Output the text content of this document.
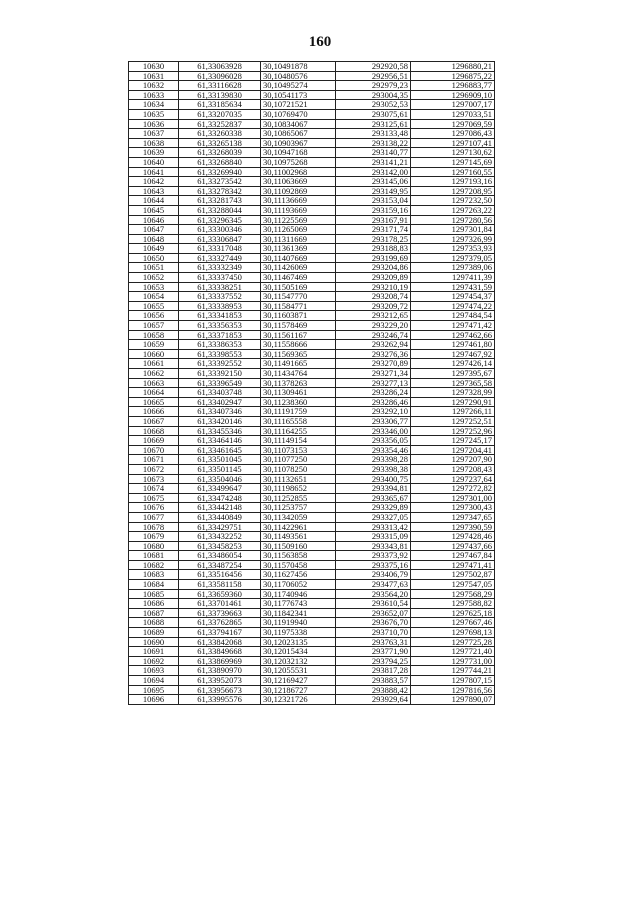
160
10630	61,33063928	30,10491878	292920,58	1296880,21
10631	61,33096028	30,10480576	292956,51	1296875,22
10632	61,33116628	30,10495274	292979,23	1296883,77
10633	61,33139830	30,10541173	293004,35	1296909,10
10634	61,33185634	30,10721521	293052,53	1297007,17
10635	61,33207035	30,10769470	293075,61	1297033,51
10636	61,33252837	30,10834067	293125,61	1297069,59
10637	61,33260338	30,10865067	293133,48	1297086,43
10638	61,33265138	30,10903967	293138,22	1297107,41
10639	61,33268039	30,10947168	293140,77	1297130,62
10640	61,33268840	30,10975268	293141,21	1297145,69
10641	61,33269940	30,11002968	293142,00	1297160,55
10642	61,33273542	30,11063669	293145,06	1297193,16
10643	61,33278342	30,11092869	293149,95	1297208,95
10644	61,33281743	30,11136669	293153,04	1297232,50
10645	61,33288044	30,11193669	293159,16	1297263,22
10646	61,33296345	30,11225569	293167,91	1297280,56
10647	61,33300346	30,11265069	293171,74	1297301,84
10648	61,33306847	30,11311669	293178,25	1297326,99
10649	61,33317048	30,11361369	293188,83	1297353,93
10650	61,33327449	30,11407669	293199,69	1297379,05
10651	61,33332349	30,11426069	293204,86	1297389,06
10652	61,33337450	30,11467469	293209,89	1297411,39
10653	61,33338251	30,11505169	293210,19	1297431,59
10654	61,33337552	30,11547770	293208,74	1297454,37
10655	61,33338953	30,11584771	293209,72	1297474,22
10656	61,33341853	30,11603871	293212,65	1297484,54
10657	61,33356353	30,11578469	293229,20	1297471,42
10658	61,33371853	30,11561167	293246,74	1297462,66
10659	61,33386353	30,11558666	293262,94	1297461,80
10660	61,33398553	30,11569365	293276,36	1297467,92
10661	61,33392552	30,11491665	293270,89	1297426,14
10662	61,33392150	30,11434764	293271,34	1297395,67
10663	61,33396549	30,11378263	293277,13	1297365,58
10664	61,33403748	30,11309461	293286,24	1297328,99
10665	61,33402947	30,11238360	293286,46	1297290,91
10666	61,33407346	30,11191759	293292,10	1297266,11
10667	61,33420146	30,11165558	293306,77	1297252,51
10668	61,33455346	30,11164255	293346,00	1297252,96
10669	61,33464146	30,11149154	293356,05	1297245,17
10670	61,33461645	30,11073153	293354,46	1297204,41
10671	61,33501045	30,11077250	293398,28	1297207,90
10672	61,33501145	30,11078250	293398,38	1297208,43
10673	61,33504046	30,11132651	293400,75	1297237,64
10674	61,33499647	30,11198652	293394,81	1297272,82
10675	61,33474248	30,11252855	293365,67	1297301,00
10676	61,33442148	30,11253757	293329,89	1297300,43
10677	61,33440849	30,11342059	293327,05	1297347,65
10678	61,33429751	30,11422961	293313,42	1297390,59
10679	61,33432252	30,11493561	293315,09	1297428,46
10680	61,33458253	30,11509160	293343,81	1297437,66
10681	61,33486054	30,11563858	293373,92	1297467,84
10682	61,33487254	30,11570458	293375,16	1297471,41
10683	61,33516456	30,11627456	293406,79	1297502,87
10684	61,33581158	30,11706052	293477,63	1297547,05
10685	61,33659360	30,11740946	293564,20	1297568,29
10686	61,33701461	30,11776743	293610,54	1297588,82
10687	61,33739663	30,11842341	293652,07	1297625,18
10688	61,33762865	30,11919940	293676,70	1297667,46
10689	61,33794167	30,11975338	293710,70	1297698,13
10690	61,33842068	30,12023135	293763,31	1297725,28
10691	61,33849668	30,12015434	293771,90	1297721,40
10692	61,33869969	30,12032132	293794,25	1297731,00
10693	61,33890970	30,12055531	293817,28	1297744,21
10694	61,33952073	30,12169427	293883,57	1297807,15
10695	61,33956673	30,12186727	293888,42	1297816,56
10696	61,33995576	30,12321726	293929,64	1297890,07
